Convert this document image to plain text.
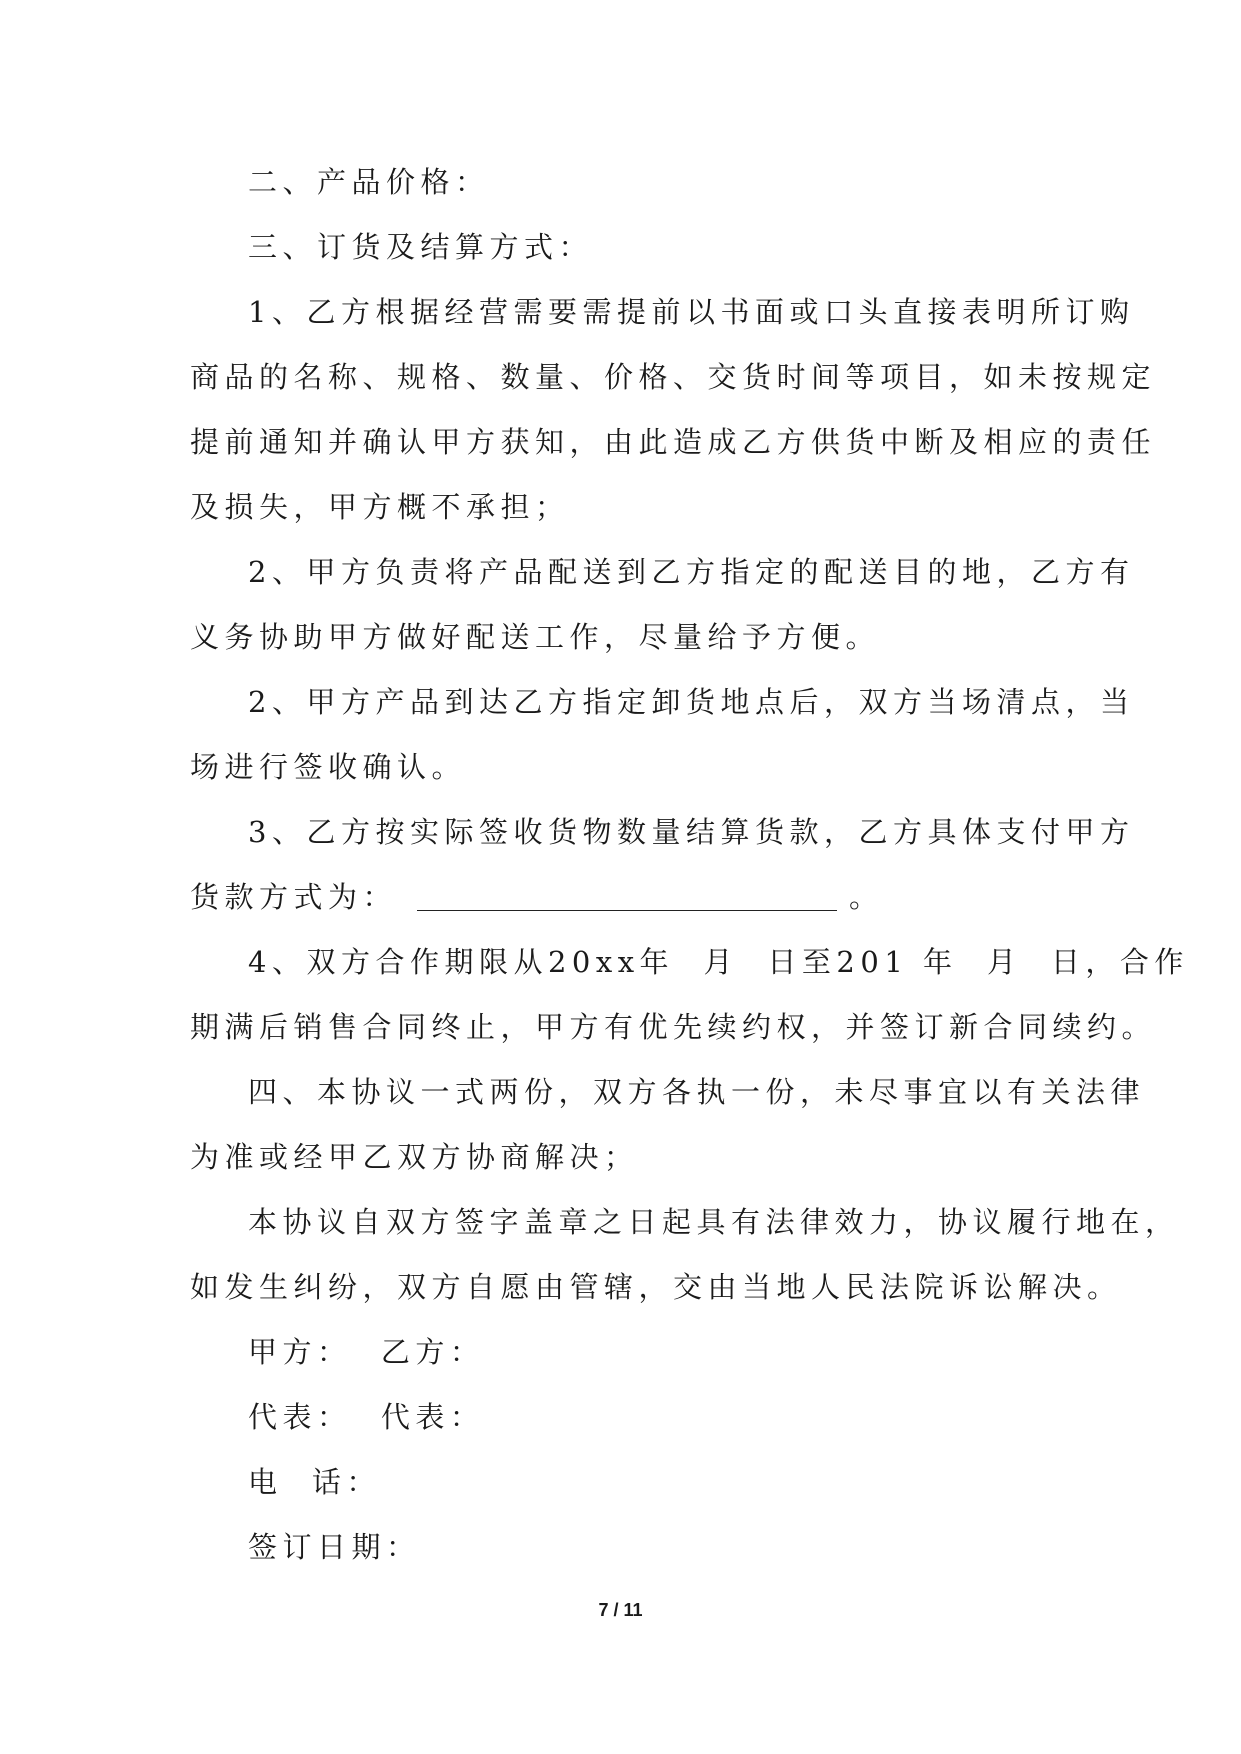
二、产品价格：

三、订货及结算方式：

1、乙方根据经营需要需提前以书面或口头直接表明所订购
商品的名称、规格、数量、价格、交货时间等项目，如未按规定
提前通知并确认甲方获知，由此造成乙方供货中断及相应的责任
及损失，甲方概不承担；

2、甲方负责将产品配送到乙方指定的配送目的地，乙方有
义务协助甲方做好配送工作，尽量给予方便。

2、甲方产品到达乙方指定卸货地点后，双方当场清点，当
场进行签收确认。

3、乙方按实际签收货物数量结算货款，乙方具体支付甲方
货款方式为：	。

4、双方合作期限从20xx年  月  日至201 年  月  日，合作
期满后销售合同终止，甲方有优先续约权，并签订新合同续约。

四、本协议一式两份，双方各执一份，未尽事宜以有关法律
为准或经甲乙双方协商解决；

本协议自双方签字盖章之日起具有法律效力，协议履行地在，
如发生纠纷，双方自愿由管辖，交由当地人民法院诉讼解决。

甲方：  乙方：

代表：  代表：

电  话：

签订日期：

7 / 11
